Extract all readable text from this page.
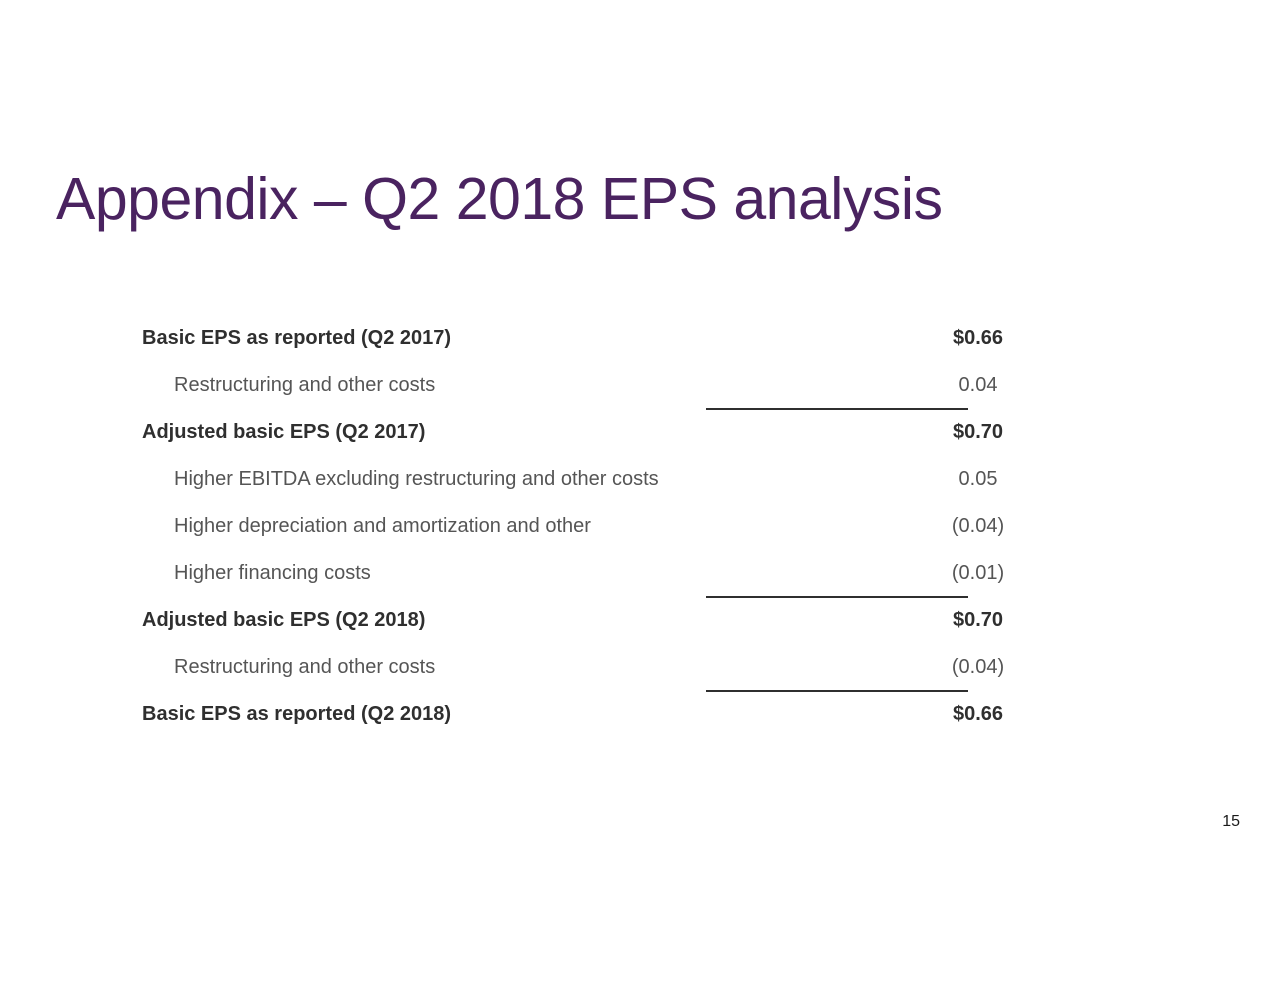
Appendix – Q2 2018 EPS analysis
Basic EPS as reported (Q2 2017)	$0.66
Restructuring and other costs	0.04
Adjusted basic EPS (Q2 2017)	$0.70
Higher EBITDA excluding restructuring and other costs	0.05
Higher depreciation and amortization and other	(0.04)
Higher financing costs	(0.01)
Adjusted basic EPS (Q2 2018)	$0.70
Restructuring and other costs	(0.04)
Basic EPS as reported (Q2 2018)	$0.66
15
